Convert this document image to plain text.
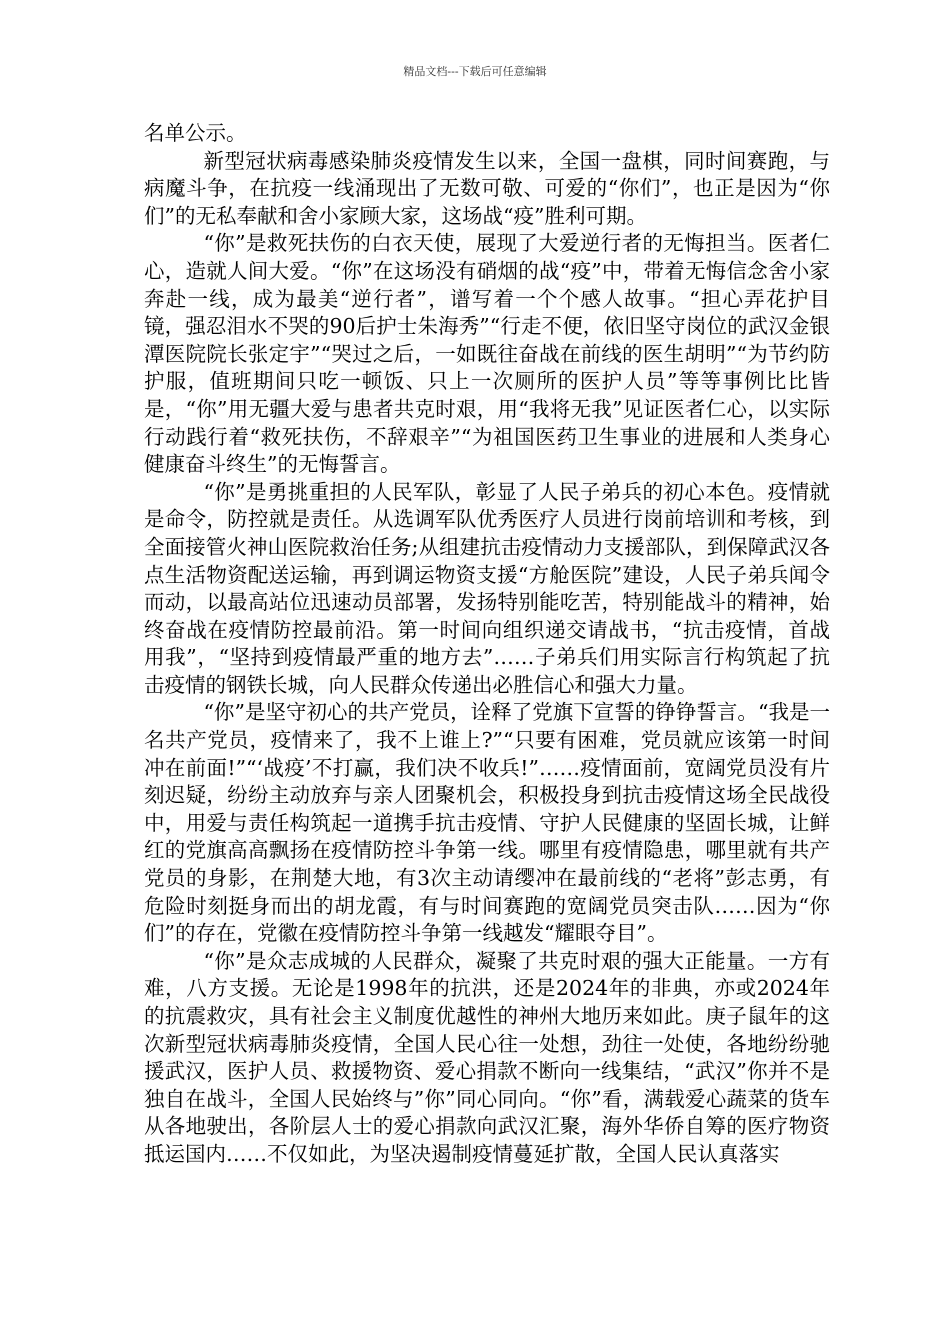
精品文档---下载后可任意编辑

名单公示。

新型冠状病毒感染肺炎疫情发生以来，全国一盘棋，同时间赛跑，与病魔斗争，在抗疫一线涌现出了无数可敬、可爱的“你们”，也正是因为“你们”的无私奉献和舍小家顾大家，这场战“疫”胜利可期。

“你”是救死扶伤的白衣天使，展现了大爱逆行者的无悔担当。医者仁心，造就人间大爱。“你”在这场没有硝烟的战“疫”中，带着无悔信念舍小家奔赴一线，成为最美“逆行者”，谱写着一个个感人故事。“担心弄花护目镜，强忍泪水不哭的90后护士朱海秀”“行走不便，依旧坚守岗位的武汉金银潭医院院长张定宇”“哭过之后，一如既往奋战在前线的医生胡明”“为节约防护服，值班期间只吃一顿饭、只上一次厕所的医护人员”等等事例比比皆是，“你”用无疆大爱与患者共克时艰，用“我将无我”见证医者仁心，以实际行动践行着“救死扶伤，不辞艰辛”“为祖国医药卫生事业的进展和人类身心健康奋斗终生”的无悔誓言。

“你”是勇挑重担的人民军队，彰显了人民子弟兵的初心本色。疫情就是命令，防控就是责任。从选调军队优秀医疗人员进行岗前培训和考核，到全面接管火神山医院救治任务;从组建抗击疫情动力支援部队，到保障武汉各点生活物资配送运输，再到调运物资支援“方舱医院”建设，人民子弟兵闻令而动，以最高站位迅速动员部署，发扬特别能吃苦，特别能战斗的精神，始终奋战在疫情防控最前沿。第一时间向组织递交请战书，“抗击疫情，首战用我”，“坚持到疫情最严重的地方去”……子弟兵们用实际言行构筑起了抗击疫情的钢铁长城，向人民群众传递出必胜信心和强大力量。

“你”是坚守初心的共产党员，诠释了党旗下宣誓的铮铮誓言。“我是一名共产党员，疫情来了，我不上谁上?”“只要有困难，党员就应该第一时间冲在前面!”“‘战疫’不打赢，我们决不收兵!”……疫情面前，宽阔党员没有片刻迟疑，纷纷主动放弃与亲人团聚机会，积极投身到抗击疫情这场全民战役中，用爱与责任构筑起一道携手抗击疫情、守护人民健康的坚固长城，让鲜红的党旗高高飘扬在疫情防控斗争第一线。哪里有疫情隐患，哪里就有共产党员的身影，在荆楚大地，有3次主动请缨冲在最前线的“老将”彭志勇，有危险时刻挺身而出的胡龙霞，有与时间赛跑的宽阔党员突击队……因为“你们”的存在，党徽在疫情防控斗争第一线越发“耀眼夺目”。

“你”是众志成城的人民群众，凝聚了共克时艰的强大正能量。一方有难，八方支援。无论是1998年的抗洪，还是2024年的非典，亦或2024年的抗震救灾，具有社会主义制度优越性的神州大地历来如此。庚子鼠年的这次新型冠状病毒肺炎疫情，全国人民心往一处想，劲往一处使，各地纷纷驰援武汉，医护人员、救援物资、爱心捐款不断向一线集结，“武汉”你并不是独自在战斗，全国人民始终与”你”同心同向。“你”看，满载爱心蔬菜的货车从各地驶出，各阶层人士的爱心捐款向武汉汇聚，海外华侨自筹的医疗物资抵运国内……不仅如此，为坚决遏制疫情蔓延扩散，全国人民认真落实
